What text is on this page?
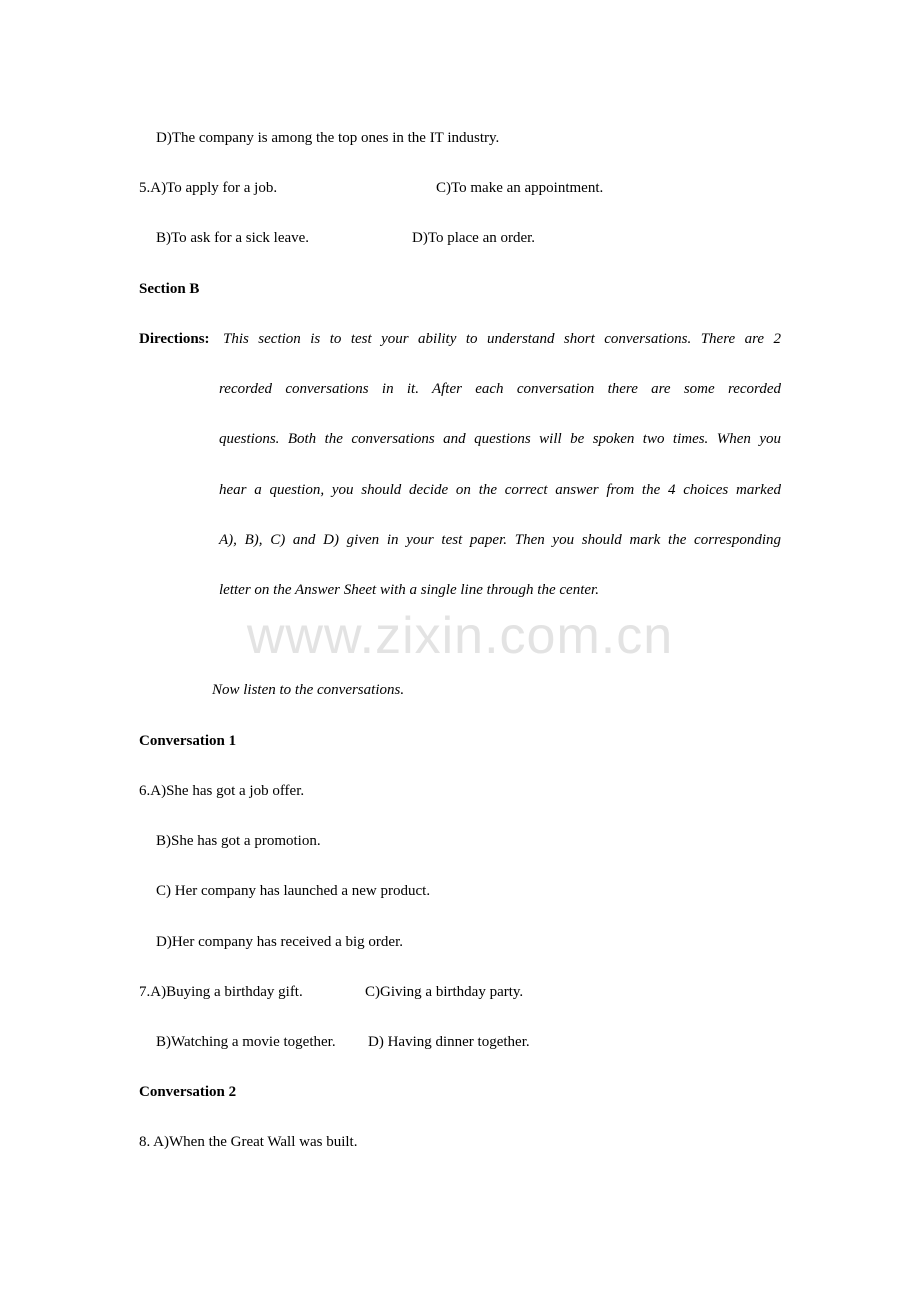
D)The company is among the top ones in the IT industry.
5.A)To apply for a job.	C)To make an appointment.
B)To ask for a sick leave.	D)To place an order.
Section B
Directions: This section is to test your ability to understand short conversations. There are 2
recorded conversations in it. After each conversation there are some recorded
questions. Both the conversations and questions will be spoken two times. When you
hear a question, you should decide on the correct answer from the 4 choices marked
A), B), C) and D) given in your test paper. Then you should mark the corresponding
letter on the Answer Sheet with a single line through the center.
www.zixin.com.cn
Now listen to the conversations.
Conversation 1
6.A)She has got a job offer.
B)She has got a promotion.
C) Her company has launched a new product.
D)Her company has received a big order.
7.A)Buying a birthday gift.	C)Giving a birthday party.
B)Watching a movie together. D) Having dinner together.
Conversation 2
8. A)When the Great Wall was built.
